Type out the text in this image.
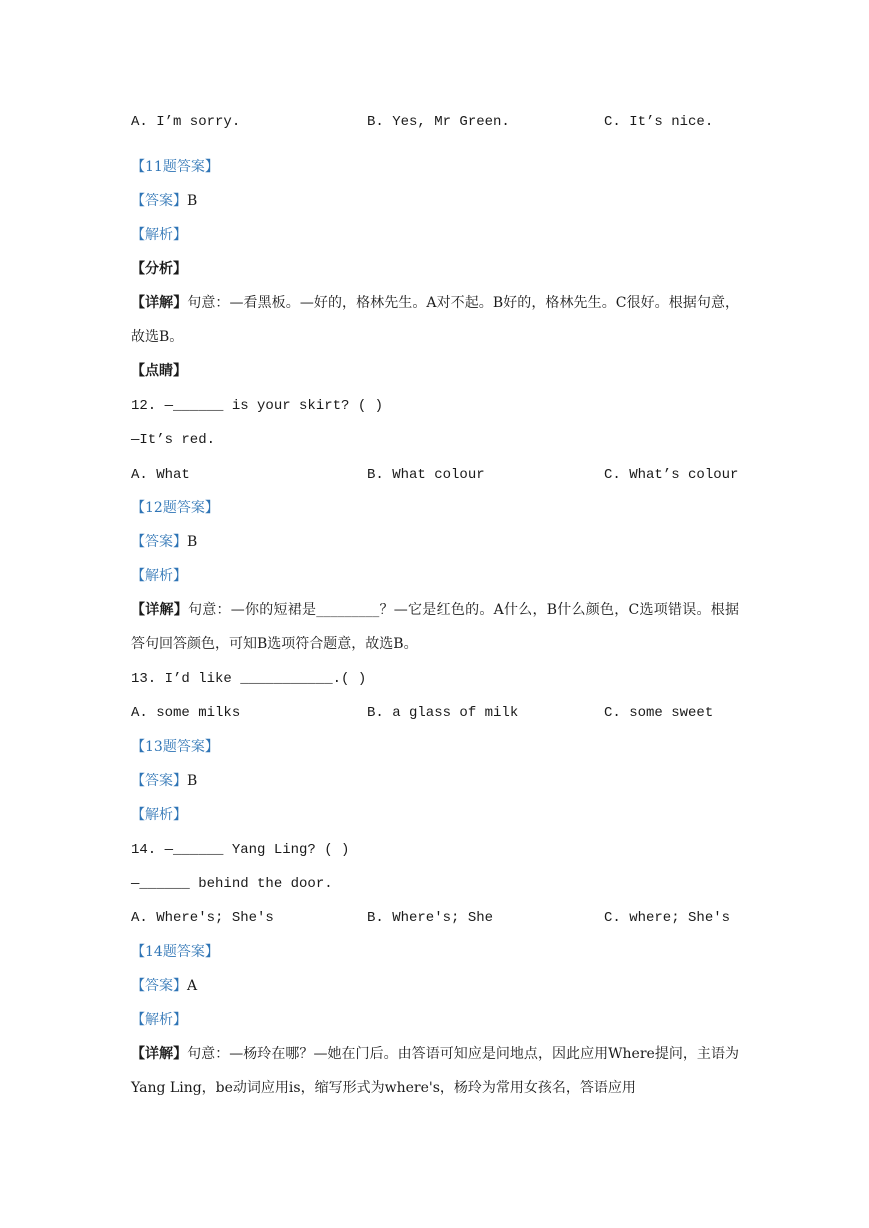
A. I’m sorry.	B. Yes, Mr Green.	C. It’s nice.
【11题答案】
【答案】B
【解析】
【分析】
【详解】句意：—看黑板。—好的，格林先生。A对不起。B好的，格林先生。C很好。根据句意，故选B。
【点睛】
12. —______ is your skirt? ( )
—It’s red.
A. What	B. What colour	C. What’s colour
【12题答案】
【答案】B
【解析】
【详解】句意：—你的短裙是_________？—它是红色的。A什么，B什么颜色，C选项错误。根据答句回答颜色，可知B选项符合题意，故选B。
13. I’d like ___________.( )
A. some milks	B. a glass of milk	C. some sweet
【13题答案】
【答案】B
【解析】
14. —______ Yang Ling? ( )
—______ behind the door.
A. Where's; She's	B. Where's; She	C. where; She's
【14题答案】
【答案】A
【解析】
【详解】句意：—杨玲在哪？—她在门后。由答语可知应是问地点，因此应用Where提问，主语为Yang Ling，be动词应用is，缩写形式为where's，杨玲为常用女孩名，答语应用
